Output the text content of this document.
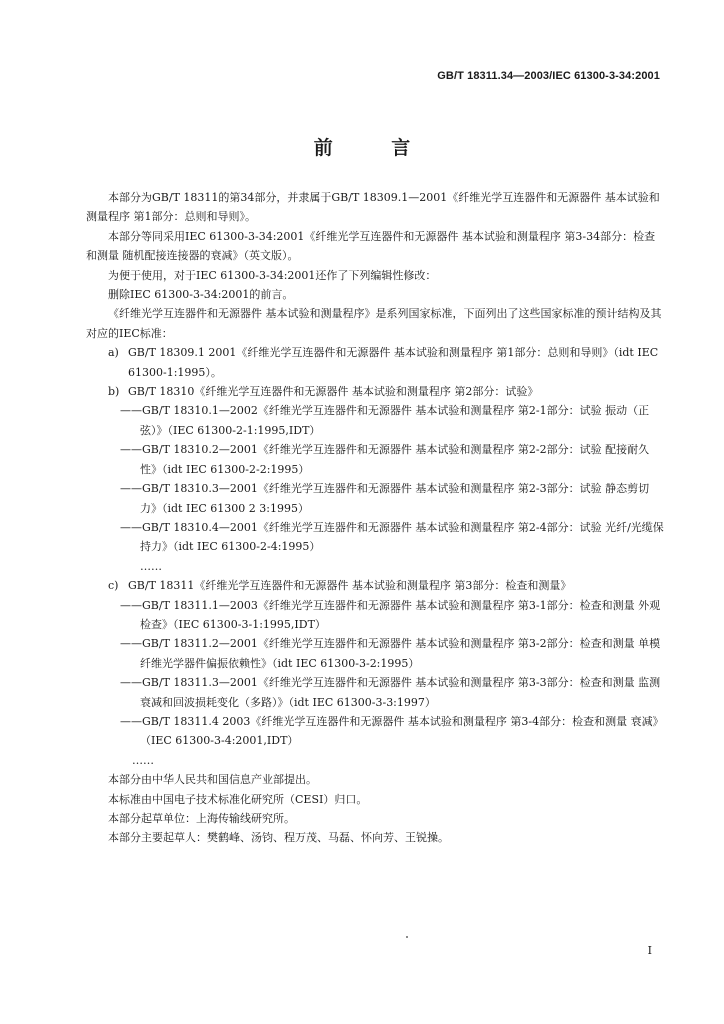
GB/T 18311.34—2003/IEC 61300-3-34:2001
前 言

本部分为GB/T 18311的第34部分，并隶属于GB/T 18309.1—2001《纤维光学互连器件和无源器件 基本试验和测量程序 第1部分：总则和导则》。

本部分等同采用IEC 61300-3-34:2001《纤维光学互连器件和无源器件 基本试验和测量程序 第3-34部分：检查和测量 随机配接连接器的衰减》（英文版）。

为便于使用，对于IEC 61300-3-34:2001还作了下列编辑性修改：

删除IEC 61300-3-34:2001的前言。

《纤维光学互连器件和无源器件 基本试验和测量程序》是系列国家标准，下面列出了这些国家标准的预计结构及其对应的IEC标准：

a) GB/T 18309.1 2001《纤维光学互连器件和无源器件 基本试验和测量程序 第1部分：总则和导则》（idt IEC 61300-1:1995）。
b) GB/T 18310《纤维光学互连器件和无源器件 基本试验和测量程序 第2部分：试验》

——GB/T 18310.1—2002《纤维光学互连器件和无源器件 基本试验和测量程序 第2-1部分：试验 振动（正弦）》（IEC 61300-2-1:1995,IDT）

——GB/T 18310.2—2001《纤维光学互连器件和无源器件 基本试验和测量程序 第2-2部分：试验 配接耐久性》（idt IEC 61300-2-2:1995）

——GB/T 18310.3—2001《纤维光学互连器件和无源器件 基本试验和测量程序 第2-3部分：试验 静态剪切力》（idt IEC 61300 2 3:1995）

——GB/T 18310.4—2001《纤维光学互连器件和无源器件 基本试验和测量程序 第2-4部分：试验 光纤/光缆保持力》（idt IEC 61300-2-4:1995）

……

c) GB/T 18311《纤维光学互连器件和无源器件 基本试验和测量程序 第3部分：检查和测量》

——GB/T 18311.1—2003《纤维光学互连器件和无源器件 基本试验和测量程序 第3-1部分：检查和测量 外观检查》（IEC 61300-3-1:1995,IDT）

——GB/T 18311.2—2001《纤维光学互连器件和无源器件 基本试验和测量程序 第3-2部分：检查和测量 单模纤维光学器件偏振依赖性》（idt IEC 61300-3-2:1995）

——GB/T 18311.3—2001《纤维光学互连器件和无源器件 基本试验和测量程序 第3-3部分：检查和测量 监测衰减和回波损耗变化（多路）》（idt IEC 61300-3-3:1997）

——GB/T 18311.4 2003《纤维光学互连器件和无源器件 基本试验和测量程序 第3-4部分：检查和测量 衰减》（IEC 61300-3-4:2001,IDT）

……

本部分由中华人民共和国信息产业部提出。

本标准由中国电子技术标准化研究所（CESI）归口。

本部分起草单位：上海传输线研究所。

本部分主要起草人：樊鹤峰、汤钧、程万茂、马磊、怀向芳、王锐操。

I
